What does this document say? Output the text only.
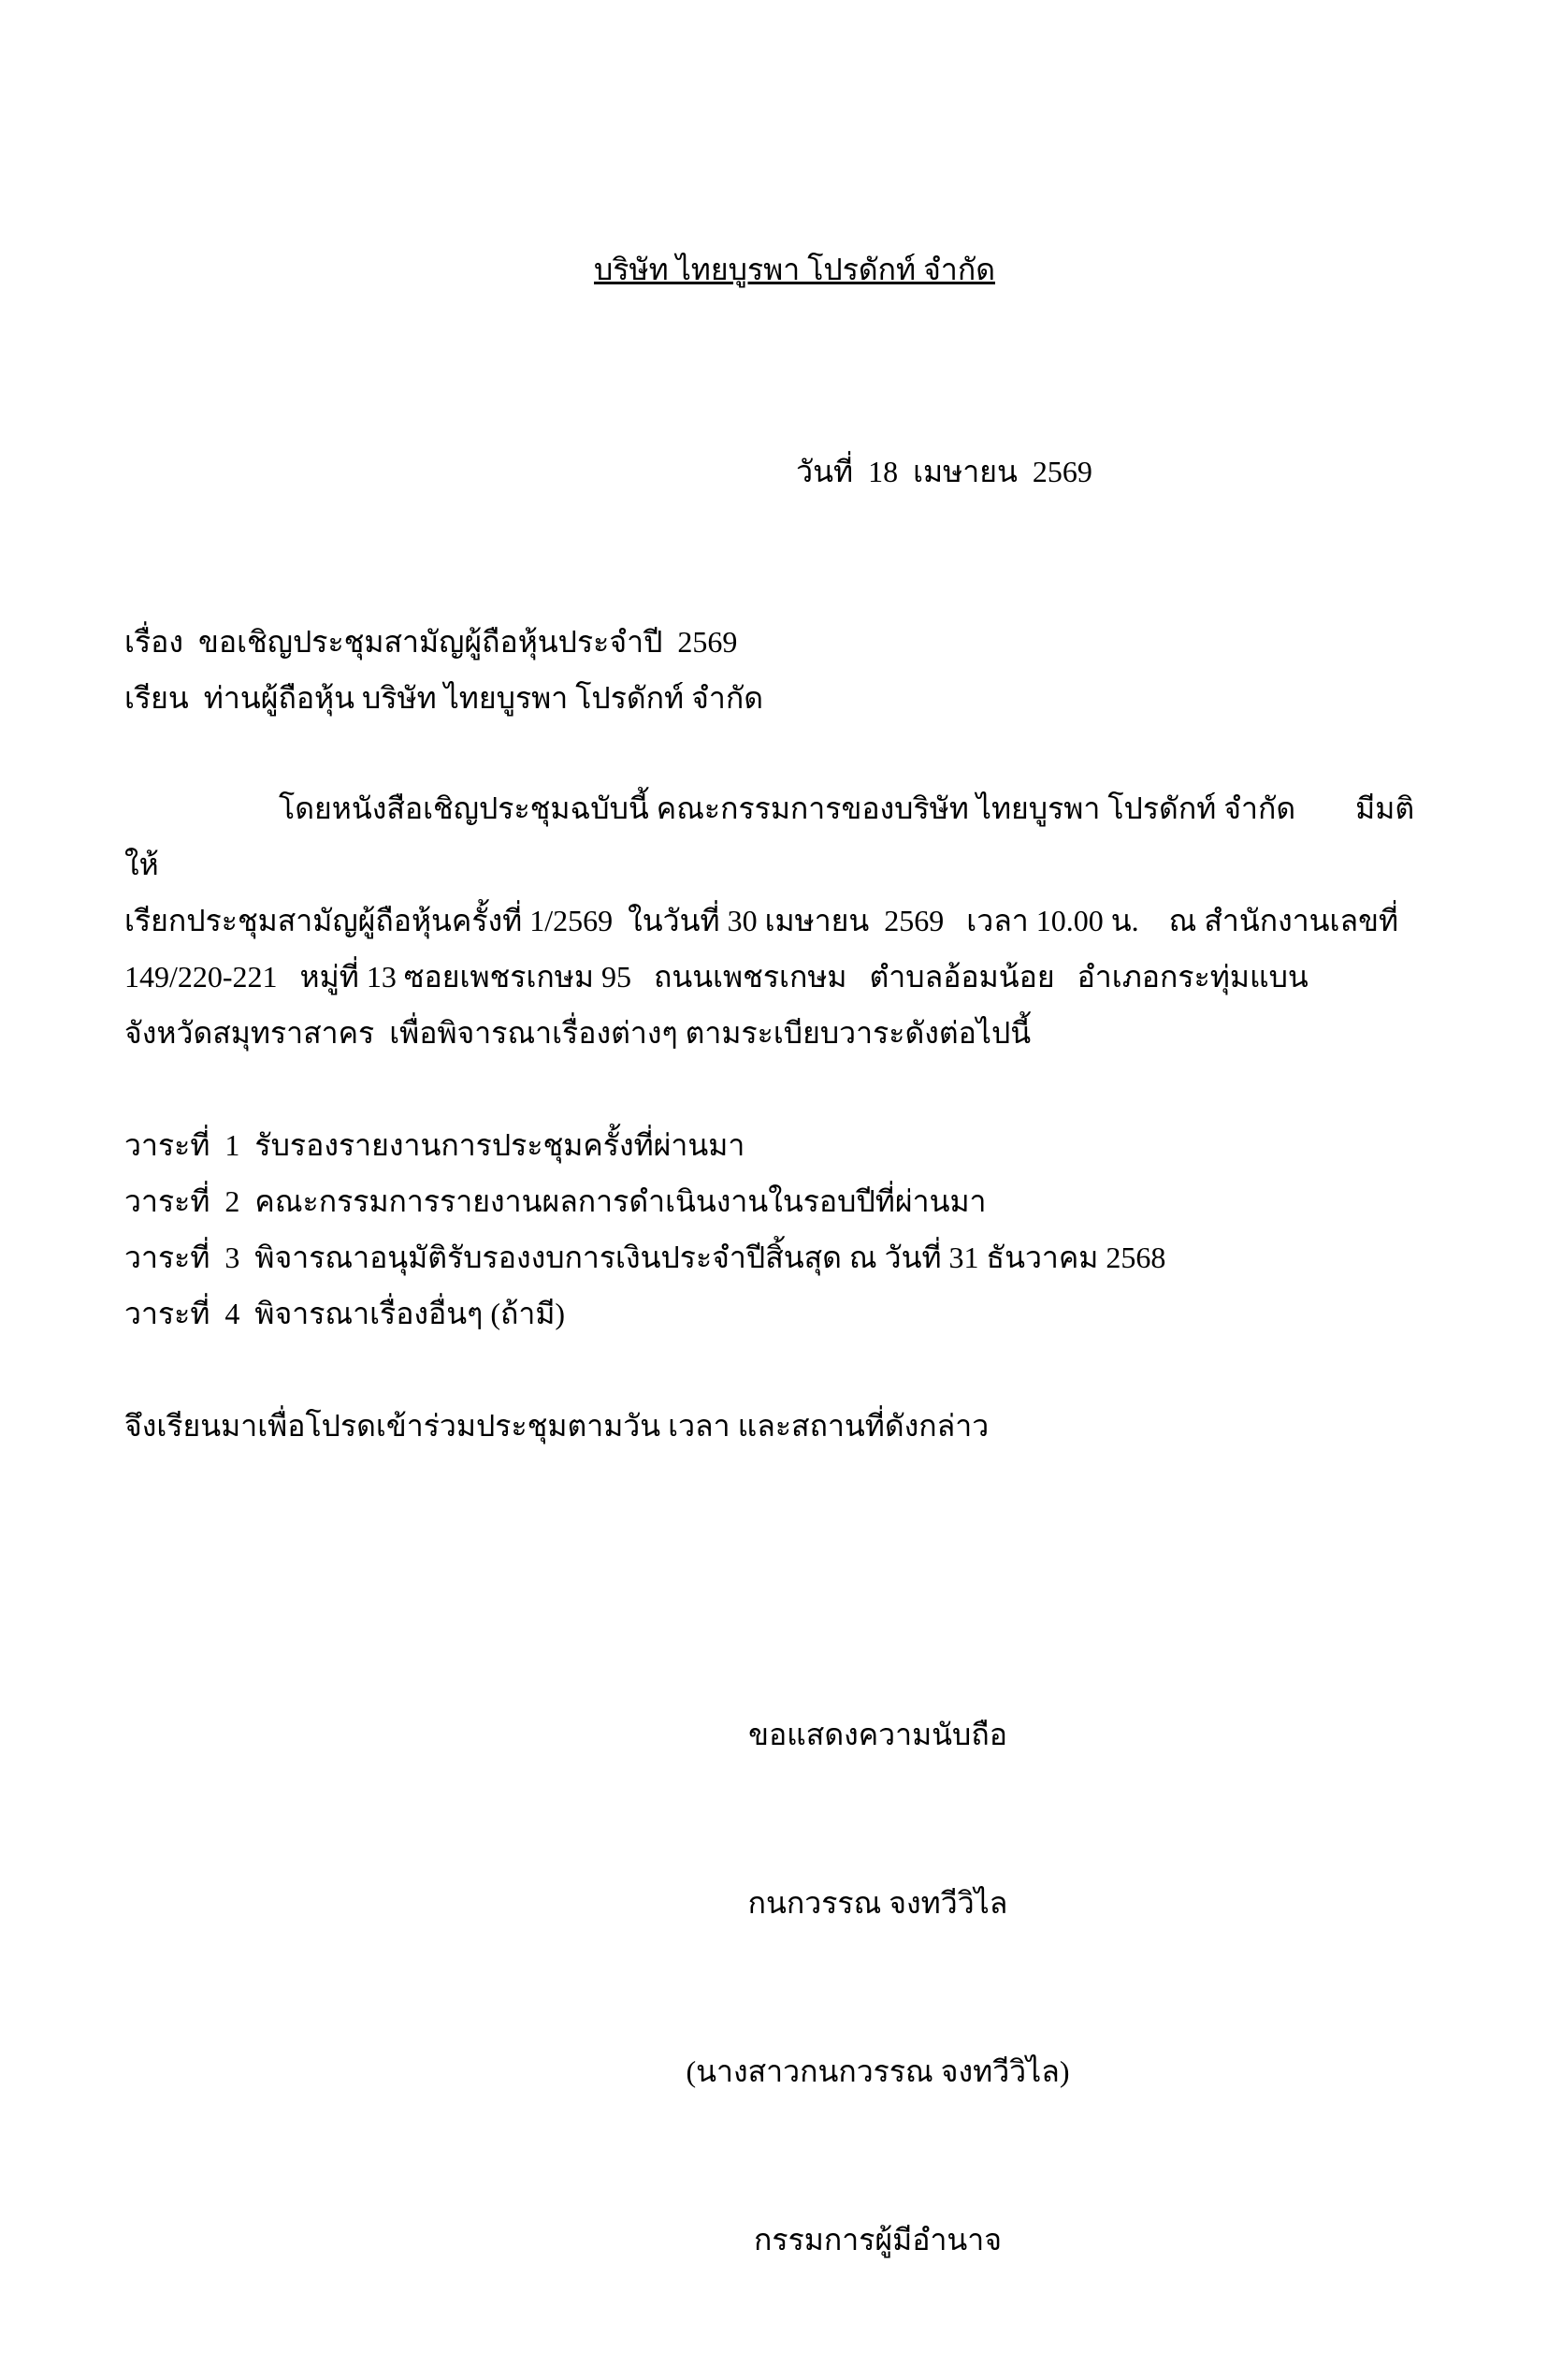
บริษัท ไทยบูรพา โปรดักท์ จำกัด

วันที่  18  เมษายน  2569

เรื่อง  ขอเชิญประชุมสามัญผู้ถือหุ้นประจำปี  2569
เรียน  ท่านผู้ถือหุ้น บริษัท ไทยบูรพา โปรดักท์ จำกัด
โดยหนังสือเชิญประชุมฉบับนี้ คณะกรรมการของบริษัท ไทยบูรพา โปรดักท์ จำกัด        มีมติให้
เรียกประชุมสามัญผู้ถือหุ้นครั้งที่ 1/2569  ในวันที่ 30 เมษายน  2569   เวลา 10.00 น.    ณ สำนักงานเลขที่
149/220-221   หมู่ที่ 13 ซอยเพชรเกษม 95   ถนนเพชรเกษม   ตำบลอ้อมน้อย   อำเภอกระทุ่มแบน
จังหวัดสมุทราสาคร  เพื่อพิจารณาเรื่องต่างๆ ตามระเบียบวาระดังต่อไปนี้
วาระที่  1  รับรองรายงานการประชุมครั้งที่ผ่านมา
วาระที่  2  คณะกรรมการรายงานผลการดำเนินงานในรอบปีที่ผ่านมา
วาระที่  3  พิจารณาอนุมัติรับรองงบการเงินประจำปีสิ้นสุด ณ วันที่ 31 ธันวาคม 2568
วาระที่  4  พิจารณาเรื่องอื่นๆ (ถ้ามี)
จึงเรียนมาเพื่อโปรดเข้าร่วมประชุมตามวัน เวลา และสถานที่ดังกล่าว

ขอแสดงความนับถือ

กนกวรรณ จงทวีวิไล

(นางสาวกนกวรรณ จงทวีวิไล)

กรรมการผู้มีอำนาจ
